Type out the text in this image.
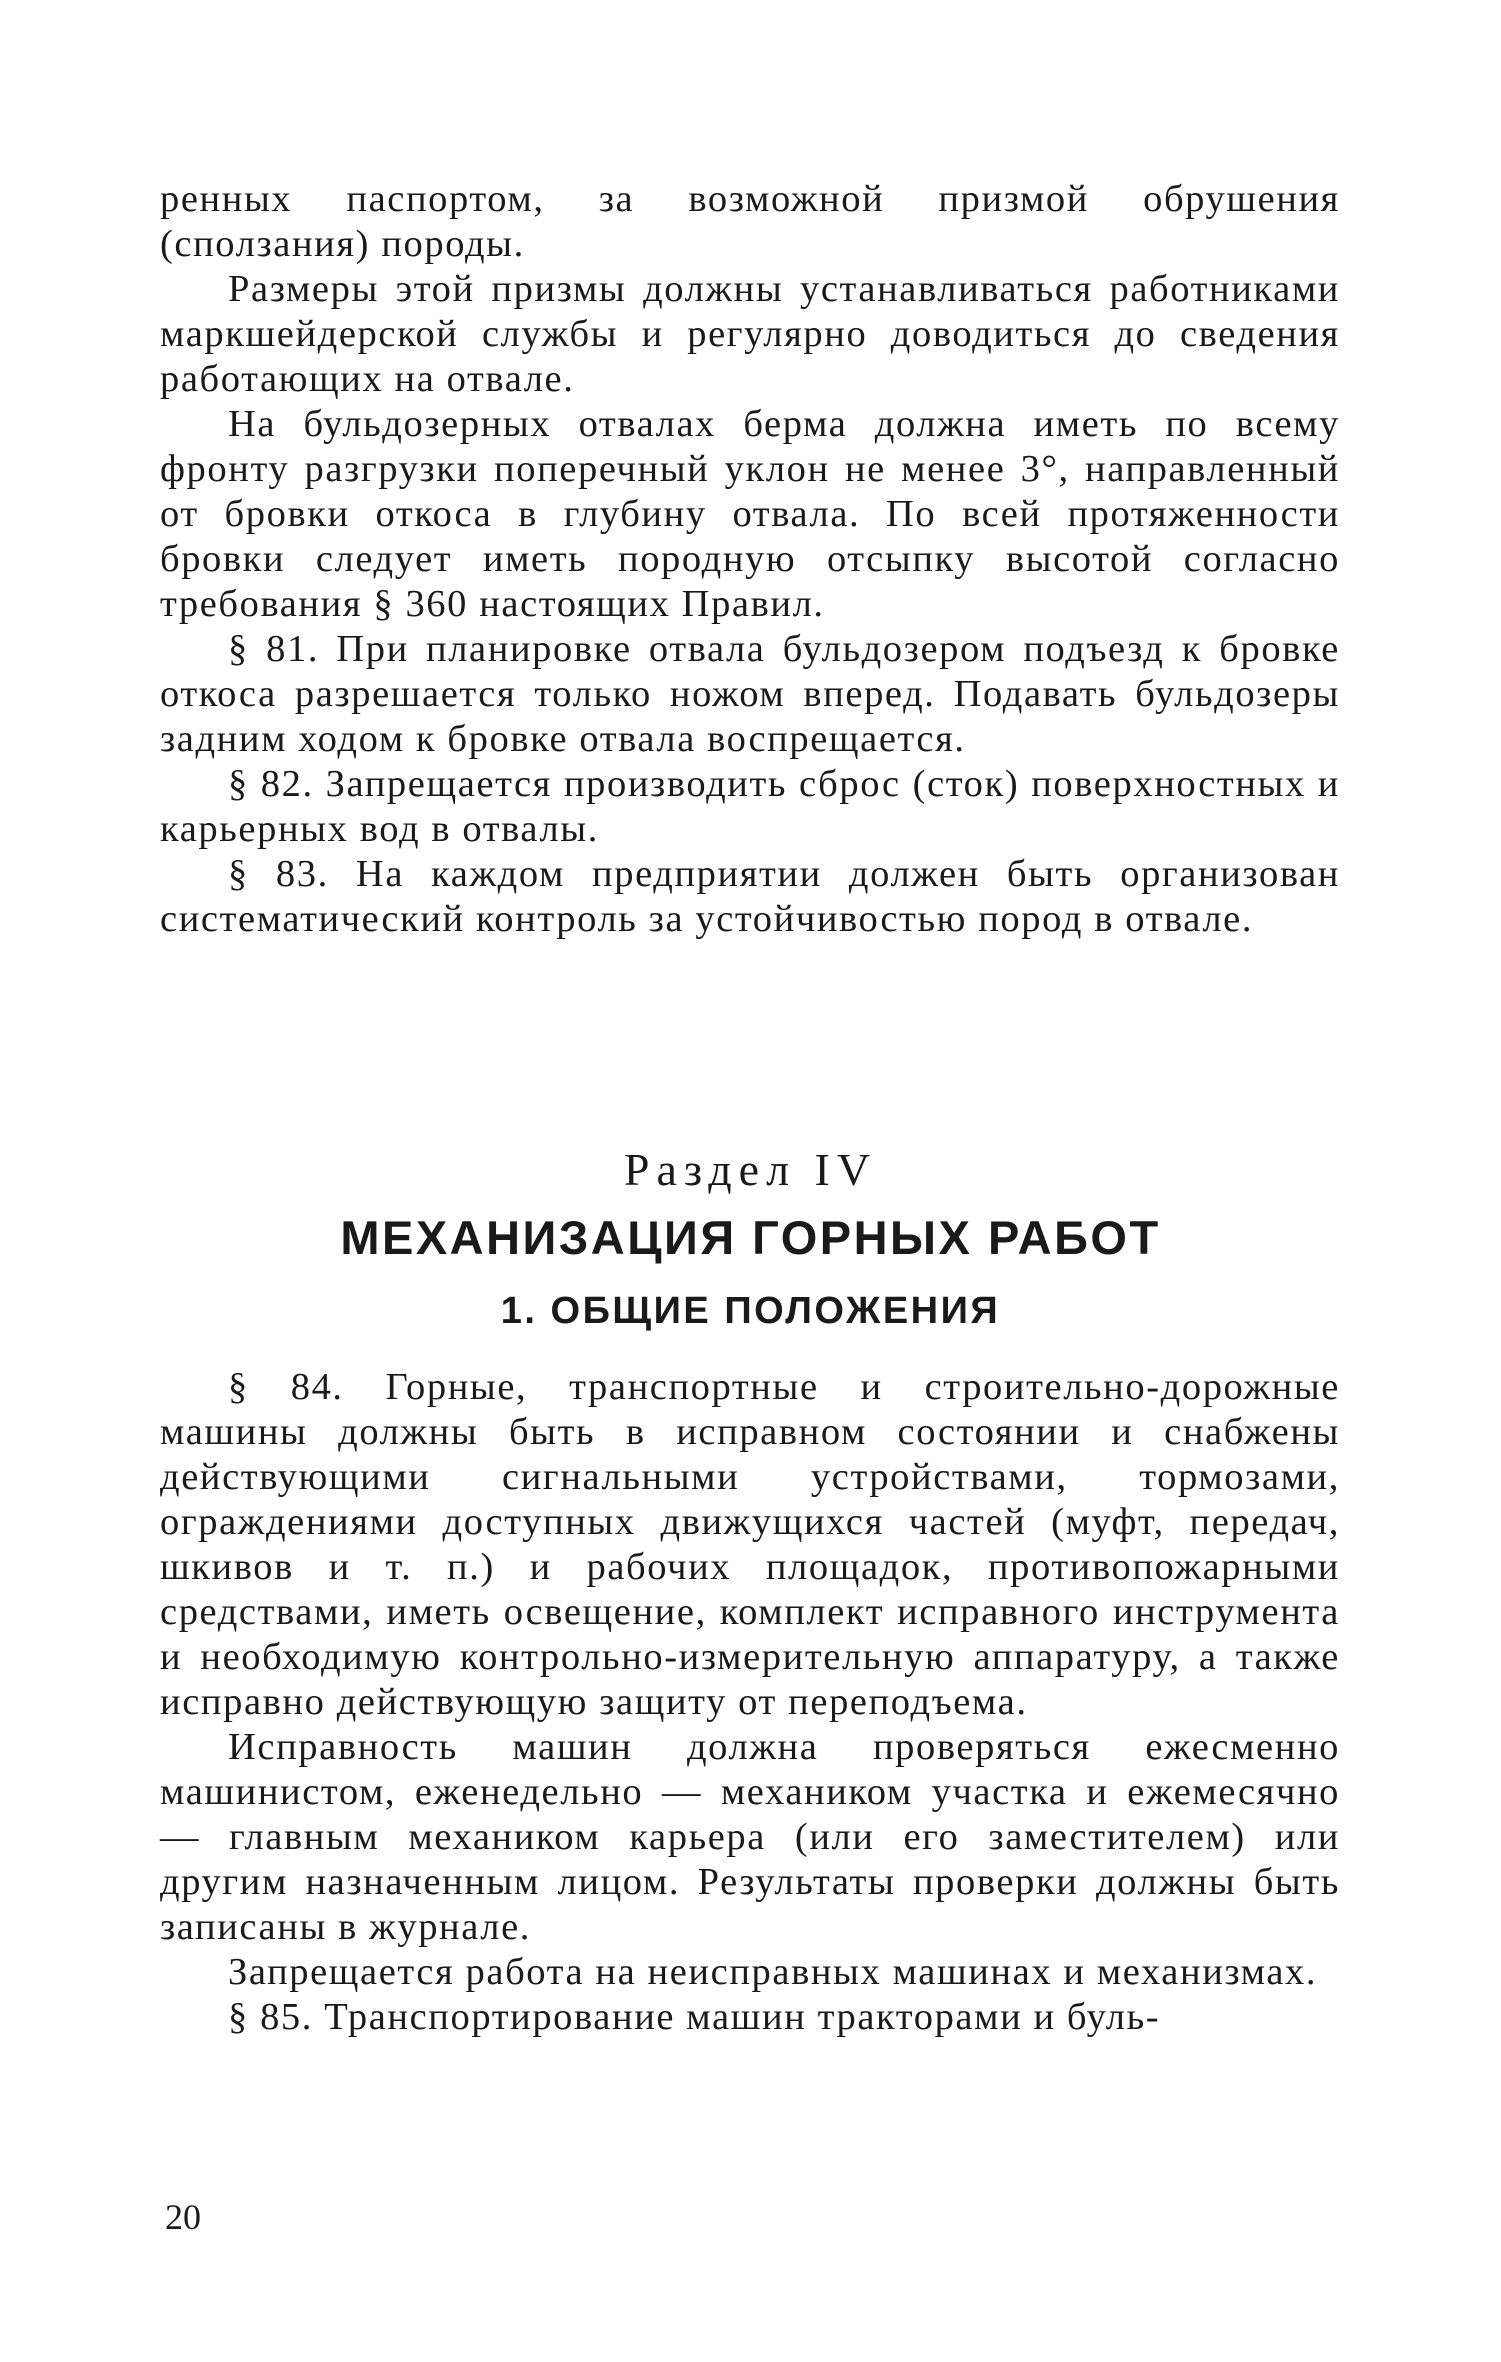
ренных паспортом, за возможной призмой обрушения (сползания) породы.

Размеры этой призмы должны устанавливаться работниками маркшейдерской службы и регулярно доводиться до сведения работающих на отвале.

На бульдозерных отвалах берма должна иметь по всему фронту разгрузки поперечный уклон не менее 3°, направленный от бровки откоса в глубину отвала. По всей протяженности бровки следует иметь породную отсыпку высотой согласно требования § 360 настоящих Правил.

§ 81. При планировке отвала бульдозером подъезд к бровке откоса разрешается только ножом вперед. Подавать бульдозеры задним ходом к бровке отвала воспрещается.

§ 82. Запрещается производить сброс (сток) поверхностных и карьерных вод в отвалы.

§ 83. На каждом предприятии должен быть организован систематический контроль за устойчивостью пород в отвале.

Раздел IV
МЕХАНИЗАЦИЯ ГОРНЫХ РАБОТ
1. ОБЩИЕ ПОЛОЖЕНИЯ

§ 84. Горные, транспортные и строительно-дорожные машины должны быть в исправном состоянии и снабжены действующими сигнальными устройствами, тормозами, ограждениями доступных движущихся частей (муфт, передач, шкивов и т. п.) и рабочих площадок, противопожарными средствами, иметь освещение, комплект исправного инструмента и необходимую контрольно-измерительную аппаратуру, а также исправно действующую защиту от переподъема.

Исправность машин должна проверяться ежесменно машинистом, еженедельно — механиком участка и ежемесячно — главным механиком карьера (или его заместителем) или другим назначенным лицом. Результаты проверки должны быть записаны в журнале.

Запрещается работа на неисправных машинах и механизмах.

§ 85. Транспортирование машин тракторами и буль-

20
